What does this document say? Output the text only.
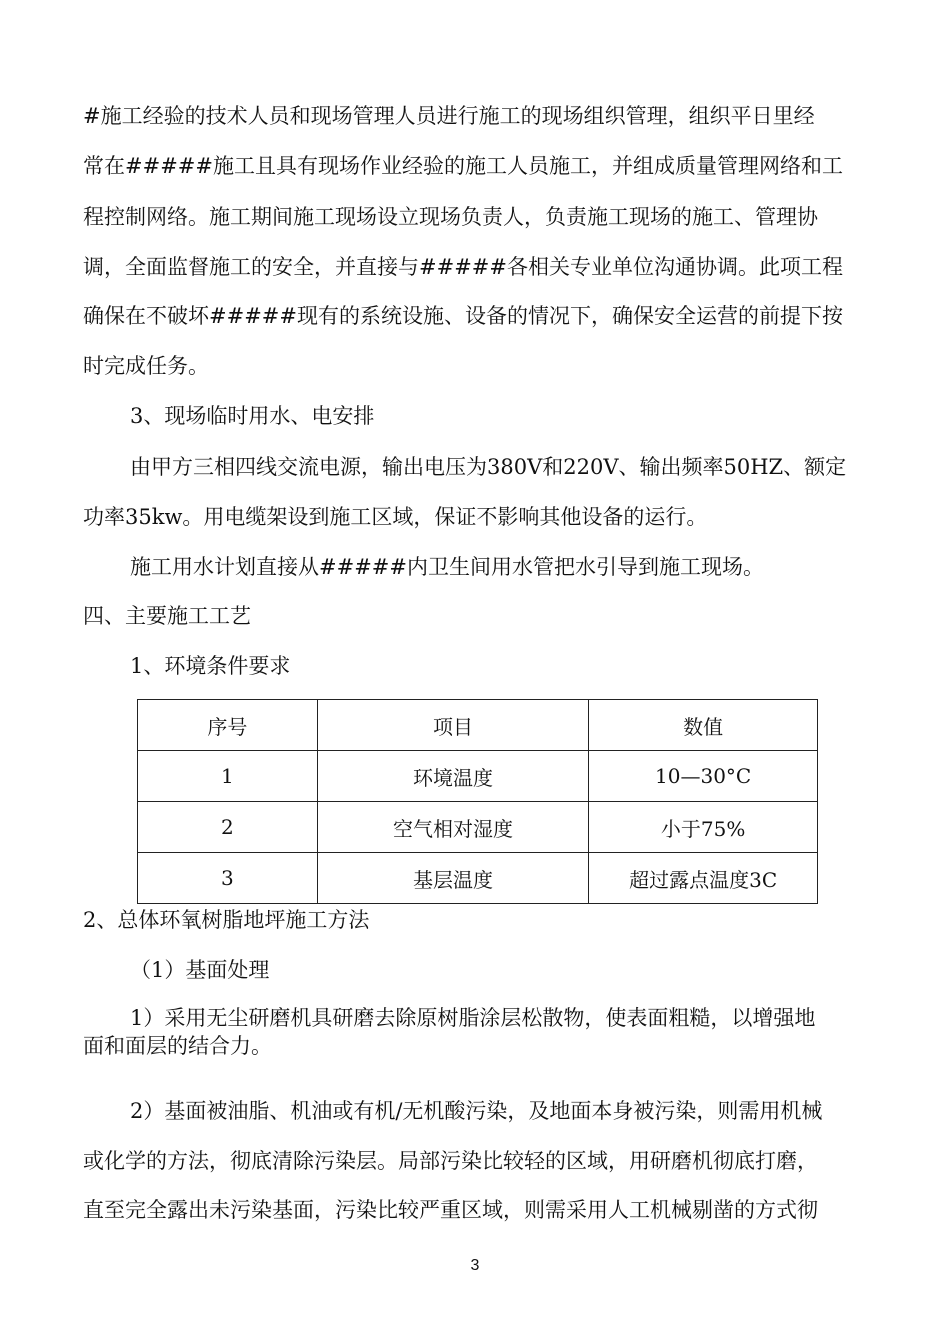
#施工经验的技术人员和现场管理人员进行施工的现场组织管理，组织平日里经
常在#####施工且具有现场作业经验的施工人员施工，并组成质量管理网络和工
程控制网络。施工期间施工现场设立现场负责人，负责施工现场的施工、管理协
调，全面监督施工的安全，并直接与#####各相关专业单位沟通协调。此项工程
确保在不破坏#####现有的系统设施、设备的情况下，确保安全运营的前提下按
时完成任务。
3、现场临时用水、电安排
由甲方三相四线交流电源，输出电压为380V和220V、输出频率50HZ、额定
功率35kw。用电缆架设到施工区域，保证不影响其他设备的运行。
施工用水计划直接从#####内卫生间用水管把水引导到施工现场。
四、主要施工工艺
1、环境条件要求
序号	项目	数值
1	环境温度	10—30°C
2	空气相对湿度	小于75%
3	基层温度	超过露点温度3C
2、总体环氧树脂地坪施工方法
（1）基面处理
1）采用无尘研磨机具研磨去除原树脂涂层松散物，使表面粗糙，以增强地
面和面层的结合力。
2）基面被油脂、机油或有机/无机酸污染，及地面本身被污染，则需用机械
或化学的方法，彻底清除污染层。局部污染比较轻的区域，用研磨机彻底打磨，
直至完全露出未污染基面，污染比较严重区域，则需采用人工机械剔凿的方式彻
3
